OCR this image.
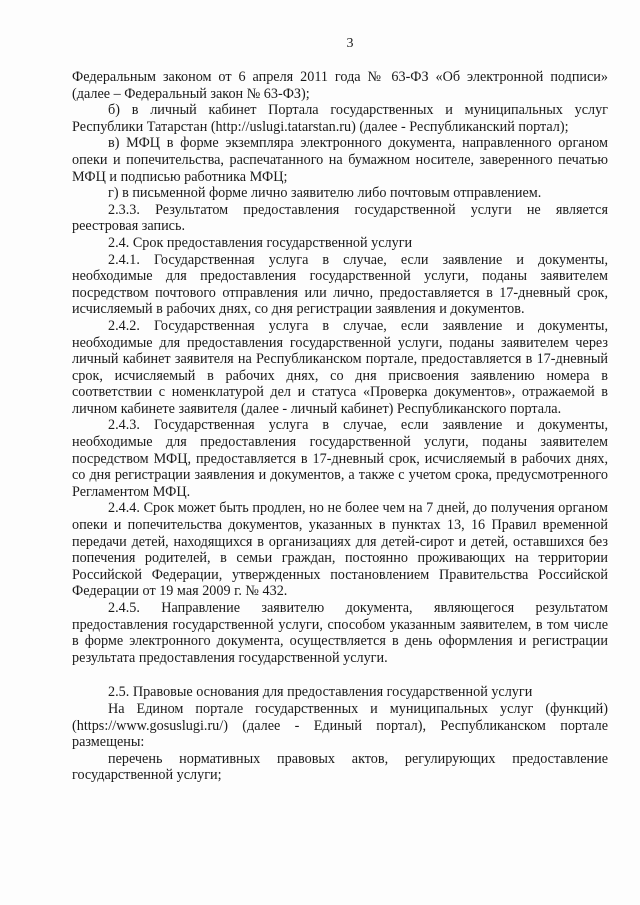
3

Федеральным законом от 6 апреля 2011 года № 63-ФЗ «Об электронной подписи» (далее – Федеральный закон № 63-ФЗ);

б) в личный кабинет Портала государственных и муниципальных услуг Республики Татарстан (http://uslugi.tatarstan.ru) (далее - Республиканский портал);

в) МФЦ в форме экземпляра электронного документа, направленного органом опеки и попечительства, распечатанного на бумажном носителе, заверенного печатью МФЦ и подписью работника МФЦ;

г) в письменной форме лично заявителю либо почтовым отправлением.

2.3.3. Результатом предоставления государственной услуги не является реестровая запись.

2.4. Срок предоставления государственной услуги

2.4.1. Государственная услуга в случае, если заявление и документы, необходимые для предоставления государственной услуги, поданы заявителем посредством почтового отправления или лично, предоставляется в 17-дневный срок, исчисляемый в рабочих днях, со дня регистрации заявления и документов.

2.4.2. Государственная услуга в случае, если заявление и документы, необходимые для предоставления государственной услуги, поданы заявителем через личный кабинет заявителя на Республиканском портале, предоставляется в 17-дневный срок, исчисляемый в рабочих днях, со дня присвоения заявлению номера в соответствии с номенклатурой дел и статуса «Проверка документов», отражаемой в личном кабинете заявителя (далее - личный кабинет) Республиканского портала.

2.4.3. Государственная услуга в случае, если заявление и документы, необходимые для предоставления государственной услуги, поданы заявителем посредством МФЦ, предоставляется в 17-дневный срок, исчисляемый в рабочих днях, со дня регистрации заявления и документов, а также с учетом срока, предусмотренного Регламентом МФЦ.

2.4.4. Срок может быть продлен, но не более чем на 7 дней, до получения органом опеки и попечительства документов, указанных в пунктах 13, 16 Правил временной передачи детей, находящихся в организациях для детей-сирот и детей, оставшихся без попечения родителей, в семьи граждан, постоянно проживающих на территории Российской Федерации, утвержденных постановлением Правительства Российской Федерации от 19 мая 2009 г. № 432.

2.4.5. Направление заявителю документа, являющегося результатом предоставления государственной услуги, способом указанным заявителем, в том числе в форме электронного документа, осуществляется в день оформления и регистрации результата предоставления государственной услуги.

2.5. Правовые основания для предоставления государственной услуги

На Едином портале государственных и муниципальных услуг (функций) (https://www.gosuslugi.ru/) (далее - Единый портал), Республиканском портале размещены:

перечень нормативных правовых актов, регулирующих предоставление государственной услуги;
